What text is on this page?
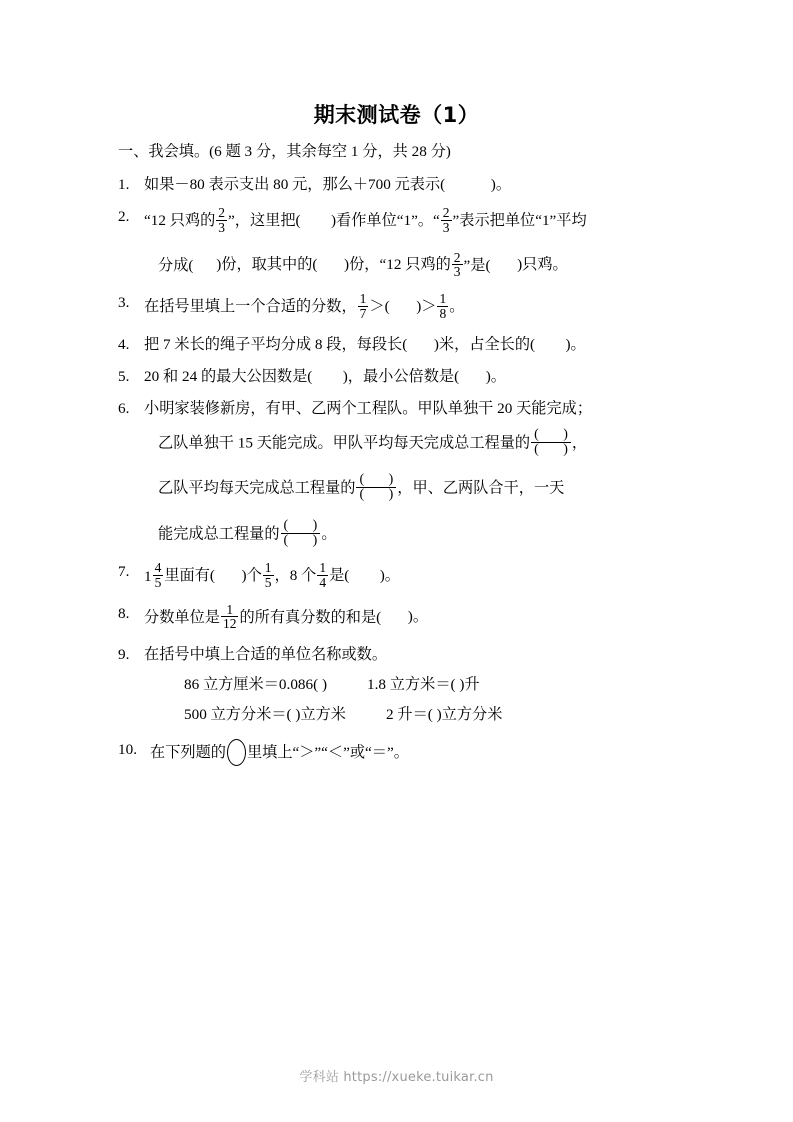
期末测试卷（1）
一、我会填。(6 题 3 分，其余每空 1 分，共 28 分)
1. 如果－80 表示支出 80 元，那么＋700 元表示(            )。
2. “12 只鸡的 $\frac{2}{3}$ ”，这里把(        )看作单位“1”。“ $\frac{2}{3}$ ”表示把单位“1”平均
分成(      )份，取其中的(       )份，“12 只鸡的 $\frac{2}{3}$ ”是(       )只鸡。
3. 在括号里填上一个合适的分数， $\frac{1}{7}$ ＞(       )＞ $\frac{1}{8}$ 。
4. 把 7 米长的绳子平均分成 8 段，每段长(       )米，占全长的(        )。
5. 20 和 24 的最大公因数是(        )，最小公倍数是(       )。
6. 小明家装修新房，有甲、乙两个工程队。甲队单独干 20 天能完成；
乙队单独干 15 天能完成。甲队平均每天完成总工程量的 $\frac{( )}{( )}$ ，
乙队平均每天完成总工程量的 $\frac{( )}{( )}$ ，甲、乙两队合干，一天
能完成总工程量的 $\frac{( )}{( )}$ 。
7. $1 \frac{4}{5}$ 里面有(       )个 $\frac{1}{5}$ ，8 个 $\frac{1}{4}$ 是(        )。
8. 分数单位是 $\frac{1}{12}$ 的所有真分数的和是(       )。
9. 在括号中填上合适的单位名称或数。
86 立方厘米＝0.086( )	1.8 立方米＝( )升
500 立方分米＝( )立方米	2 升＝( )立方分米
10. 在下列题的 里填上“＞”“＜”或“＝”。
学科站 https://xueke.tuikar.cn
